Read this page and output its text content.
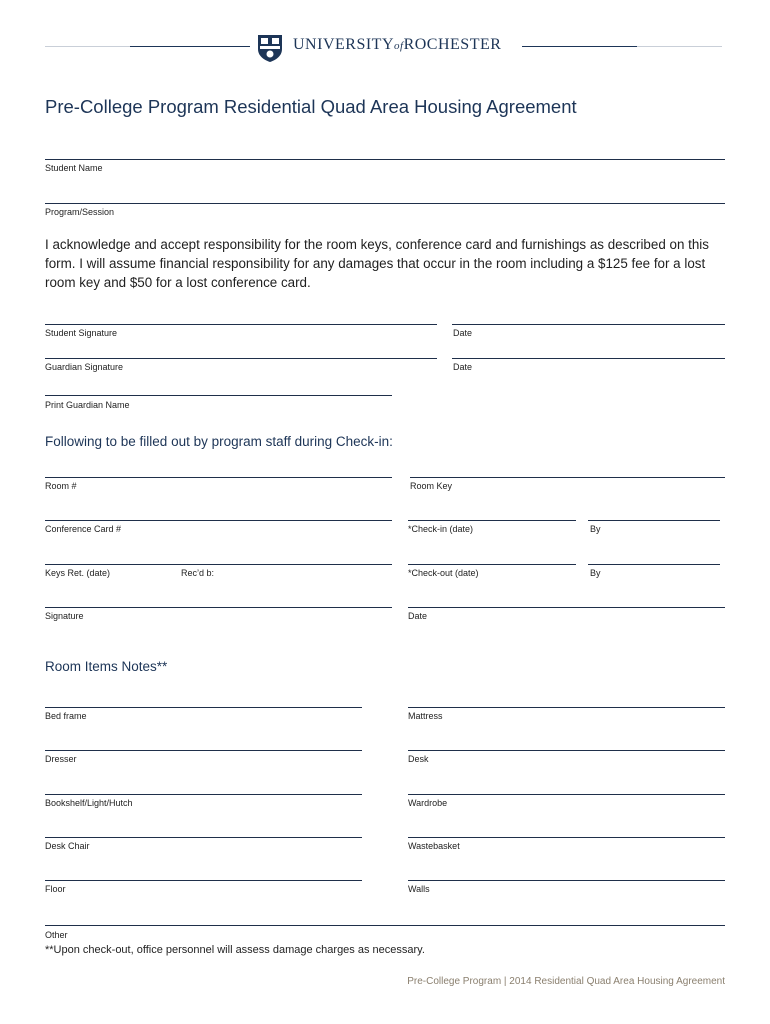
UNIVERSITYofROCHESTER
Pre-College Program Residential Quad Area Housing Agreement
Student Name
Program/Session
I acknowledge and accept responsibility for the room keys, conference card and furnishings as described on this form. I will assume financial responsibility for any damages that occur in the room including a $125 fee for a lost room key and $50 for a lost conference card.
Student Signature	Date
Guardian Signature	Date
Print Guardian Name
Following to be filled out by program staff during Check-in:
Room #	Room Key
Conference Card #	*Check-in (date)	By
Keys Ret. (date)	Rec’d b:	*Check-out (date)	By
Signature	Date
Room Items Notes**
Bed frame	Mattress
Dresser	Desk
Bookshelf/Light/Hutch	Wardrobe
Desk Chair	Wastebasket
Floor	Walls
Other
**Upon check-out, office personnel will assess damage charges as necessary.
Pre-College Program | 2014 Residential Quad Area Housing Agreement
